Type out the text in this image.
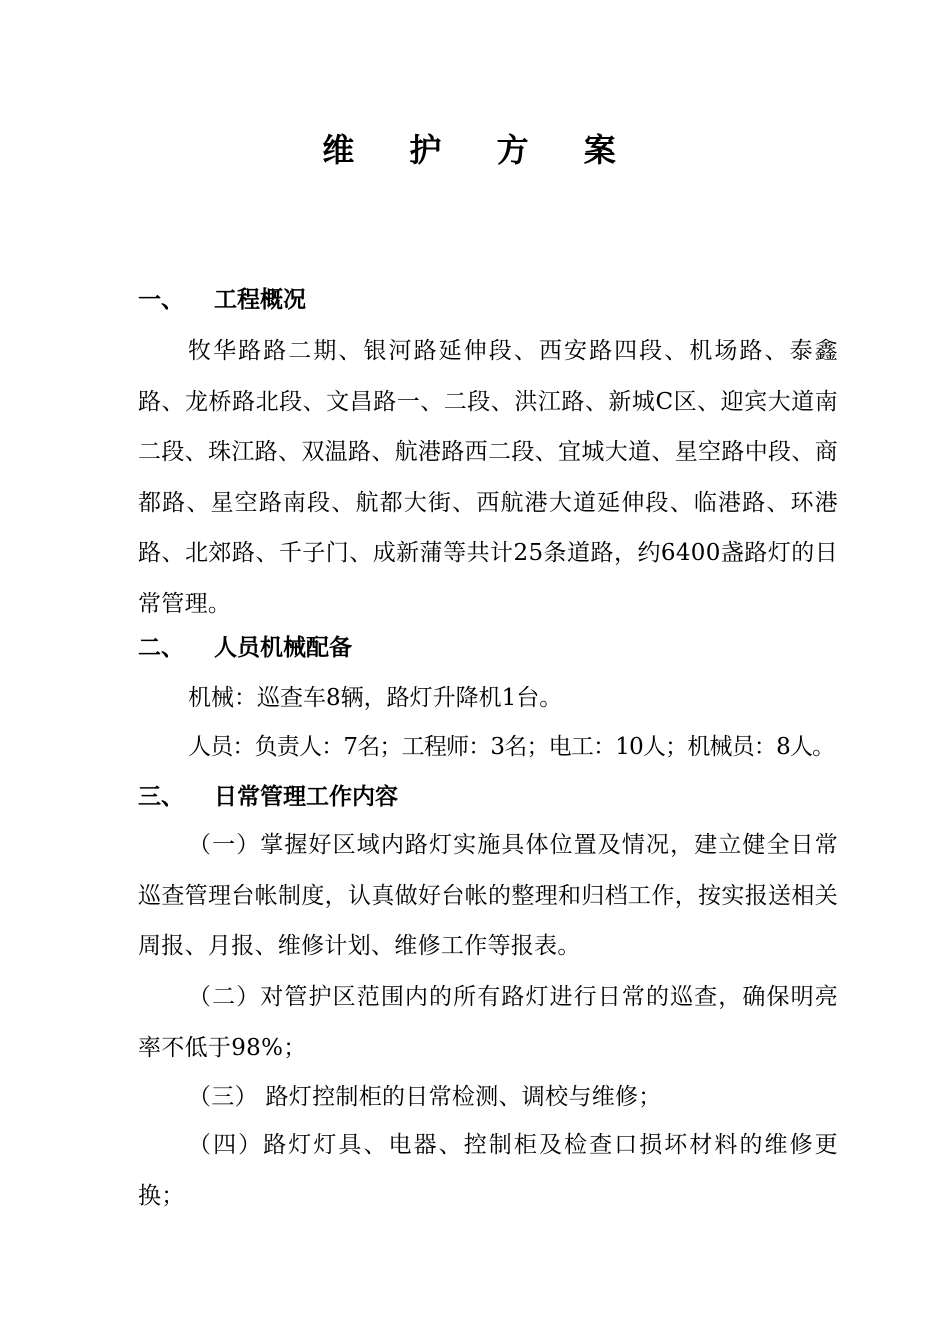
维 护 方 案
一、 工程概况
牧华路路二期、银河路延伸段、西安路四段、机场路、泰鑫路、龙桥路北段、文昌路一、二段、洪江路、新城C区、迎宾大道南二段、珠江路、双温路、航港路西二段、宜城大道、星空路中段、商都路、星空路南段、航都大街、西航港大道延伸段、临港路、环港路、北郊路、千子门、成新蒲等共计25条道路，约6400盏路灯的日常管理。
二、 人员机械配备
机械：巡查车8辆，路灯升降机1台。
人员：负责人：7名；工程师：3名；电工：10人；机械员：8人。
三、 日常管理工作内容
（一）掌握好区域内路灯实施具体位置及情况，建立健全日常巡查管理台帐制度，认真做好台帐的整理和归档工作，按实报送相关周报、月报、维修计划、维修工作等报表。
（二）对管护区范围内的所有路灯进行日常的巡查，确保明亮率不低于98%；
（三） 路灯控制柜的日常检测、调校与维修；
（四）路灯灯具、电器、控制柜及检查口损坏材料的维修更换；
